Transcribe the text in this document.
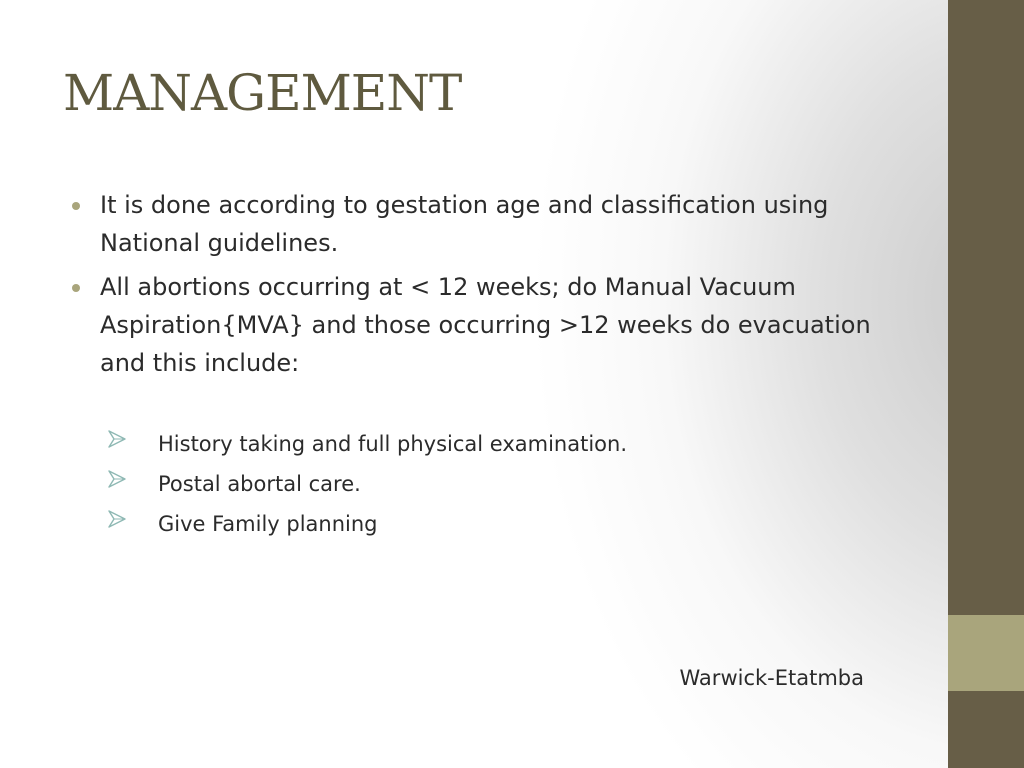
MANAGEMENT
It is done according to gestation age and classification using National guidelines.
All abortions occurring at < 12 weeks; do Manual Vacuum Aspiration{MVA} and those occurring >12 weeks do evacuation and this include:
History taking and full physical examination.
Postal abortal care.
Give Family planning
Warwick-Etatmba
